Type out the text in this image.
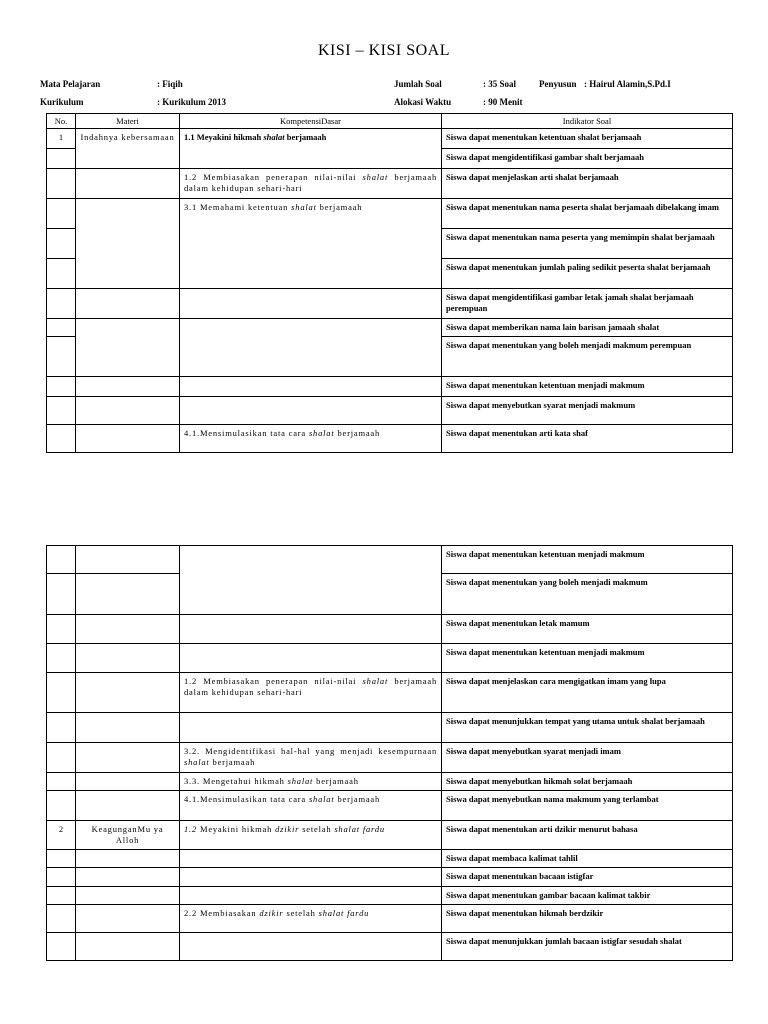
KISI – KISI SOAL
Mata Pelajaran	: Fiqih	Jumlah Soal	: 35 Soal	Penyusun : Hairul Alamin,S.Pd.I
Kurikulum	: Kurikulum 2013	Alokasi Waktu	: 90 Menit
No.	Materi	KompetensiDasar	Indikator Soal
1	Indahnya kebersamaan	1.1 Meyakini hikmah shalat berjamaah	Siswa dapat menentukan ketentuan shalat berjamaah
			Siswa dapat mengidentifikasi gambar shalt berjamaah
		1.2 Membiasakan penerapan nilai-nilai shalat berjamaah dalam kehidupan sehari-hari	Siswa dapat menjelaskan arti shalat berjamaah
		3.1 Memahami ketentuan shalat berjamaah	Siswa dapat menentukan nama peserta shalat berjamaah dibelakang imam
			Siswa dapat menentukan nama peserta yang memimpin shalat berjamaah
			Siswa dapat menentukan jumlah paling sedikit peserta shalat berjamaah
			Siswa dapat mengidentifikasi gambar letak jamah shalat berjamaah perempuan
			Siswa dapat memberikan nama lain barisan jamaah shalat
			Siswa dapat menentukan yang boleh menjadi makmum perempuan
			Siswa dapat menentukan ketentuan menjadi makmum
			Siswa dapat menyebutkan syarat menjadi makmum
		4.1.Mensimulasikan tata cara shalat berjamaah	Siswa dapat menentukan arti kata shaf
			Siswa dapat menentukan ketentuan menjadi makmum
			Siswa dapat menentukan yang boleh menjadi makmum
			Siswa dapat menentukan letak mamum
			Siswa dapat menentukan ketentuan menjadi makmum
		1.2 Membiasakan penerapan nilai-nilai shalat berjamaah dalam kehidupan sehari-hari	Siswa dapat menjelaskan cara mengigatkan imam yang lupa
			Siswa dapat menunjukkan tempat yang utama untuk shalat berjamaah
		3.2. Mengidentifikasi hal-hal yang menjadi kesempurnaan shalat berjamaah	Siswa dapat menyebutkan syarat menjadi imam
		3.3. Mengetahui hikmah shalat berjamaah	Siswa dapat menyebutkan hikmah solat berjamaah
		4.1.Mensimulasikan tata cara shalat berjamaah	Siswa dapat menyebutkan nama makmum yang terlambat
2	KeagunganMu ya Alloh	1.2 Meyakini hikmah dzikir setelah shalat fardu	Siswa dapat menentukan arti dzikir menurut bahasa
			Siswa dapat membaca kalimat tahlil
			Siswa dapat menentukan bacaan istigfar
			Siswa dapat menentukan gambar bacaan kalimat takbir
		2.2 Membiasakan dzikir setelah shalat fardu	Siswa dapat menentukan hikmah berdzikir
			Siswa dapat menunjukkan jumlah bacaan istigfar sesudah shalat
